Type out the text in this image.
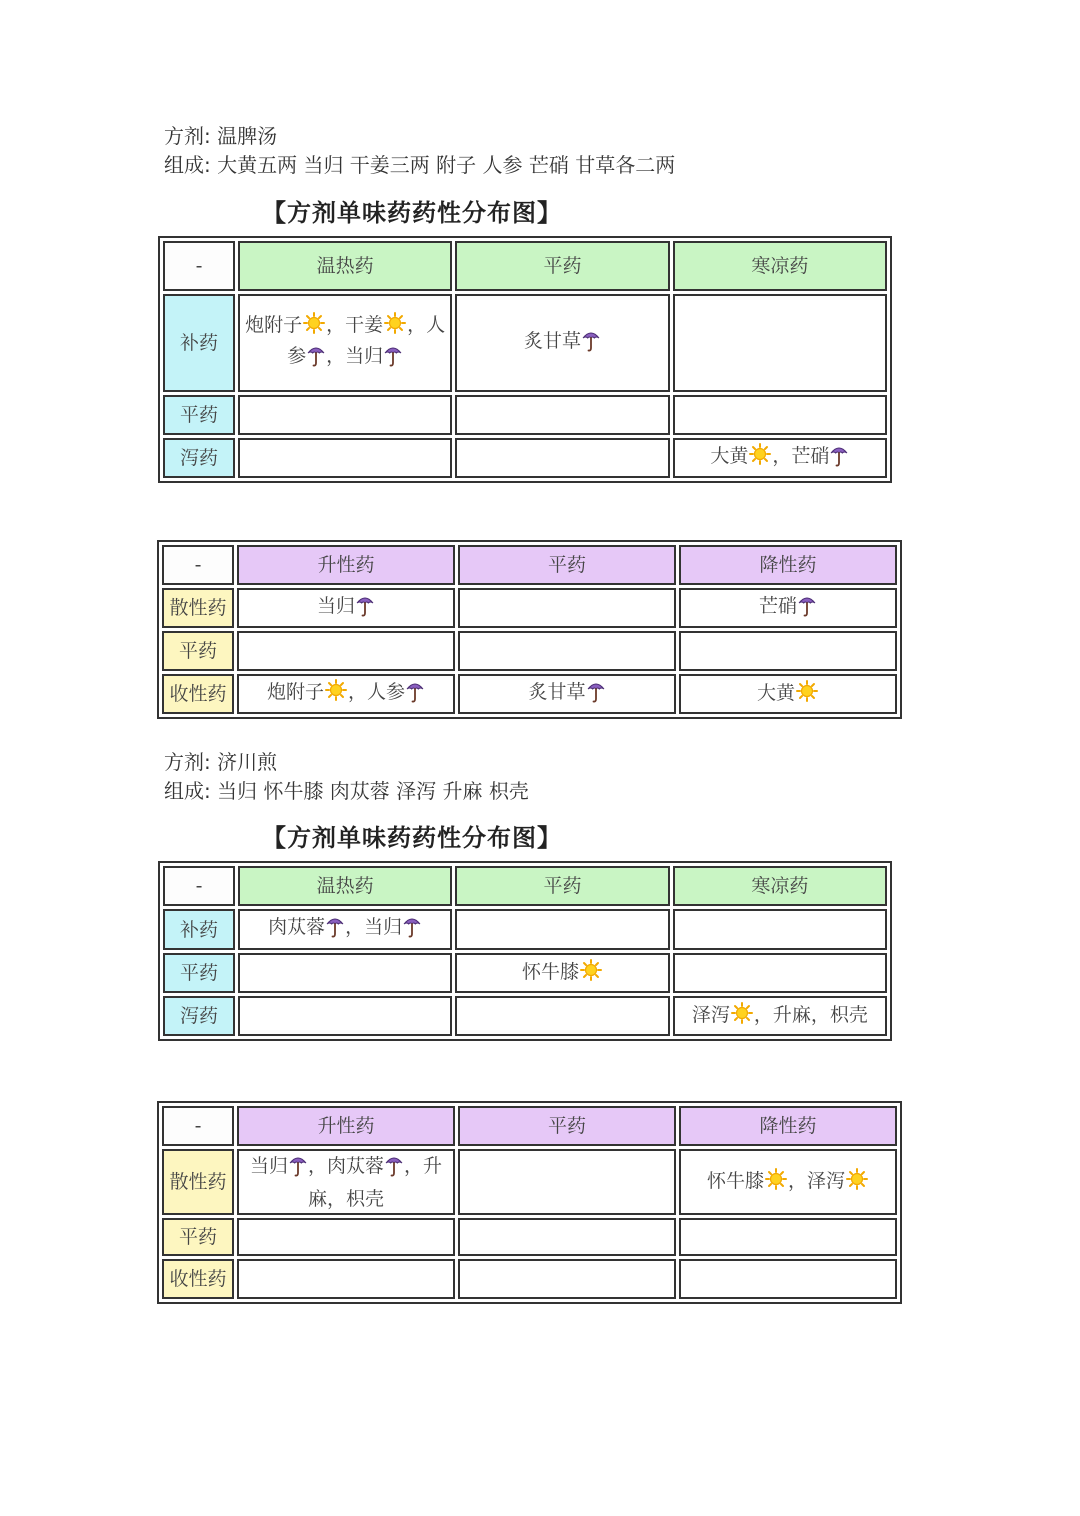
方剂: 温脾汤
组成: 大黄五两 当归 干姜三两 附子 人参 芒硝 甘草各二两
【方剂单味药药性分布图】
-	温热药	平药	寒凉药
补药	炮附子 ，干姜 ，人参 ，当归	炙甘草	
平药			
泻药			大黄 ，芒硝
-	升性药	平药	降性药
散性药	当归		芒硝
平药			
收性药	炮附子 ，人参	炙甘草	大黄
方剂: 济川煎
组成: 当归 怀牛膝 肉苁蓉 泽泻 升麻 枳壳
【方剂单味药药性分布图】
-	温热药	平药	寒凉药
补药	肉苁蓉 ，当归		
平药		怀牛膝	
泻药			泽泻 ，升麻，枳壳
-	升性药	平药	降性药
散性药	当归 ，肉苁蓉 ，升麻，枳壳		怀牛膝 ，泽泻
平药			
收性药			
